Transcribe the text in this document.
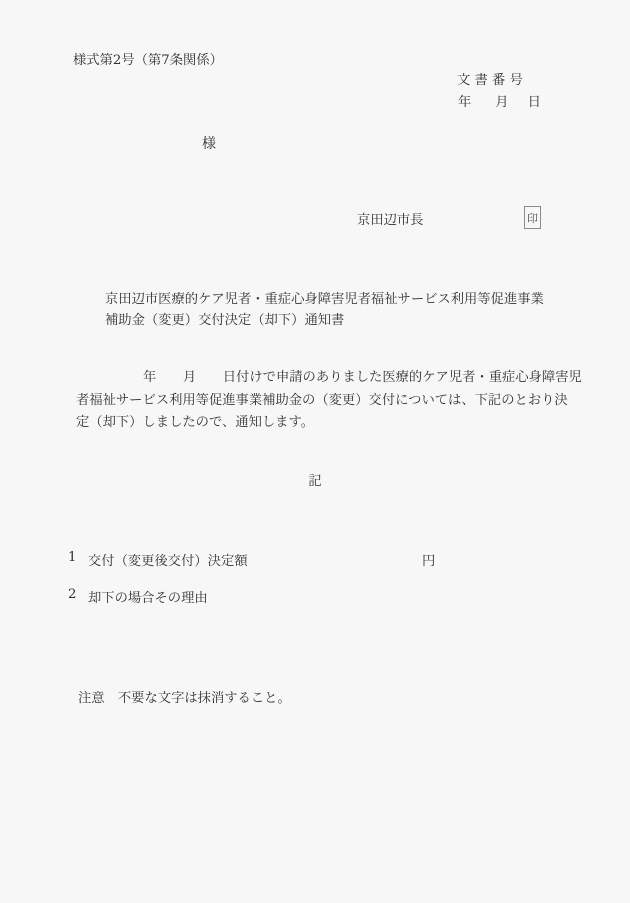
様式第2号（第7条関係）
文 書 番 号
年 月 日
様
京田辺市長	印
京田辺市医療的ケア児者・重症心身障害児者福祉サービス利用等促進事業
補助金（変更）交付決定（却下）通知書
年　　月　　日付けで申請のありました医療的ケア児者・重症心身障害児
者福祉サービス利用等促進事業補助金の（変更）交付については、下記のとおり決
定（却下）しましたので、通知します。
記
1 交付（変更後交付）決定額	円
2 却下の場合その理由
注意　不要な文字は抹消すること。
